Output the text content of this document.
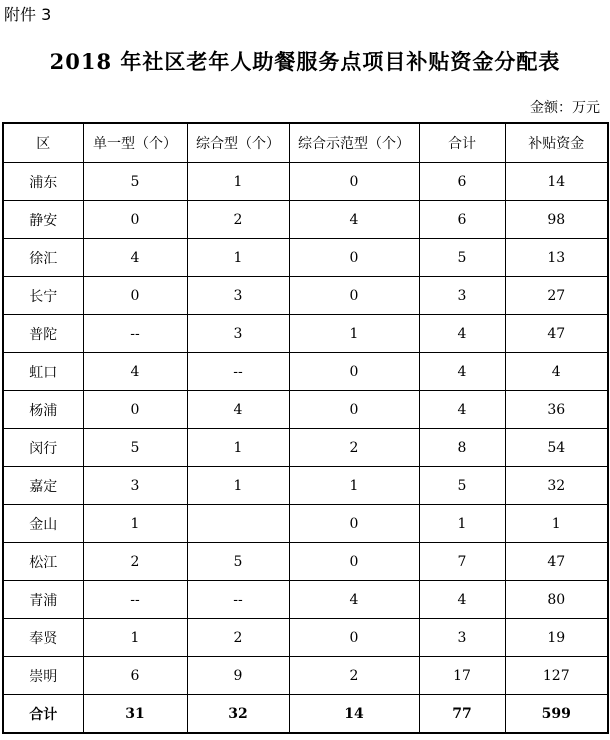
附件 3
2018 年社区老年人助餐服务点项目补贴资金分配表
金额：万元
区	单一型（个）	综合型（个）	综合示范型（个）	合计	补贴资金
浦东	5	1	0	6	14
静安	0	2	4	6	98
徐汇	4	1	0	5	13
长宁	0	3	0	3	27
普陀	--	3	1	4	47
虹口	4	--	0	4	4
杨浦	0	4	0	4	36
闵行	5	1	2	8	54
嘉定	3	1	1	5	32
金山	1		0	1	1
松江	2	5	0	7	47
青浦	--	--	4	4	80
奉贤	1	2	0	3	19
崇明	6	9	2	17	127
合计	31	32	14	77	599
